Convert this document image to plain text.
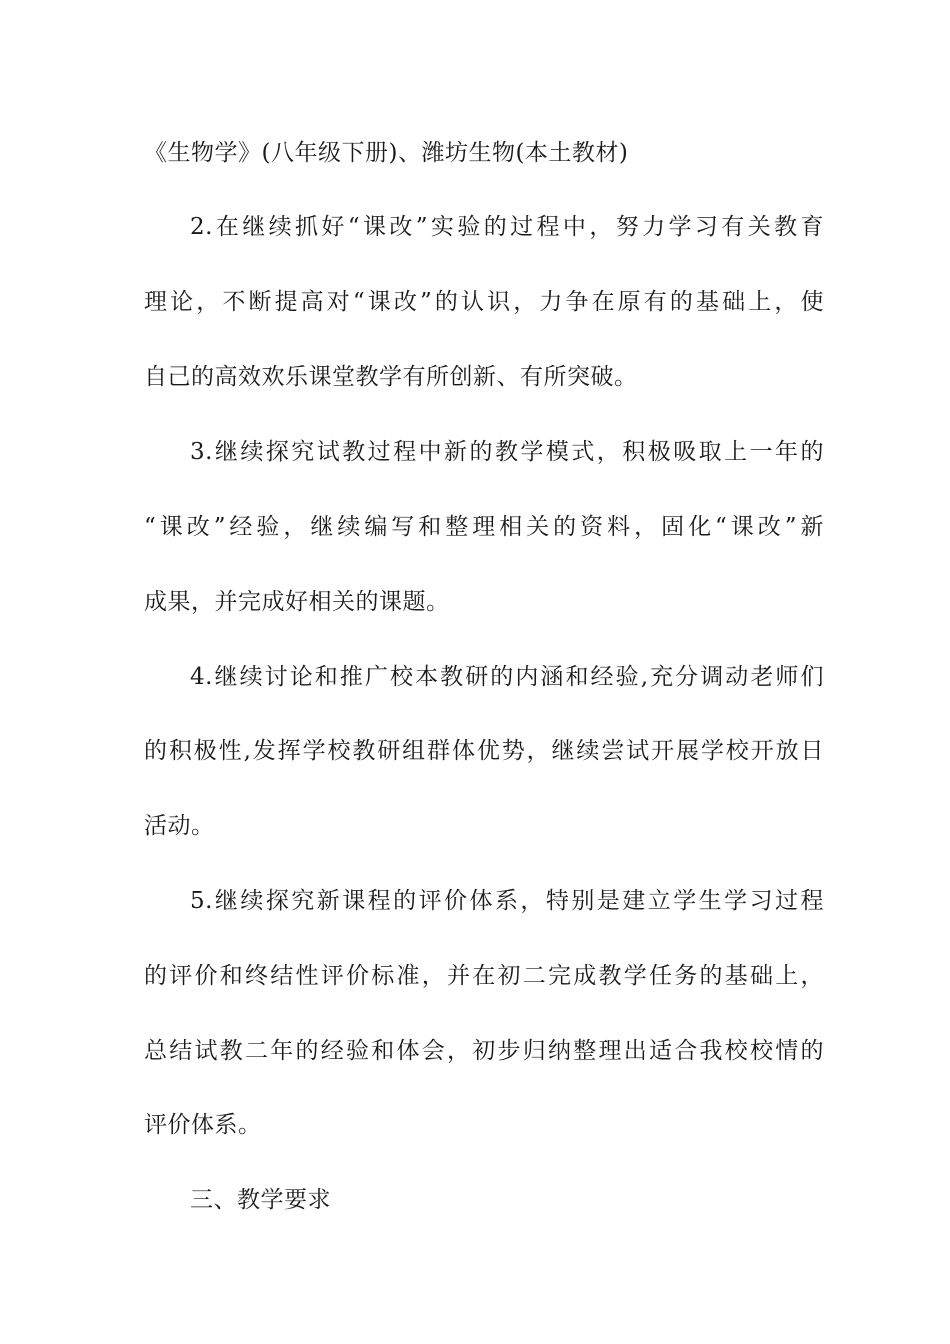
《生物学》(八年级下册)、潍坊生物(本土教材)
2.在继续抓好“课改”实验的过程中，努力学习有关教育
理论，不断提高对“课改”的认识，力争在原有的基础上，使
自己的高效欢乐课堂教学有所创新、有所突破。
3.继续探究试教过程中新的教学模式，积极吸取上一年的
“课改”经验，继续编写和整理相关的资料，固化“课改”新
成果，并完成好相关的课题。
4.继续讨论和推广校本教研的内涵和经验,充分调动老师们
的积极性,发挥学校教研组群体优势，继续尝试开展学校开放日
活动。
5.继续探究新课程的评价体系，特别是建立学生学习过程
的评价和终结性评价标准，并在初二完成教学任务的基础上，
总结试教二年的经验和体会，初步归纳整理出适合我校校情的
评价体系。
三、教学要求
